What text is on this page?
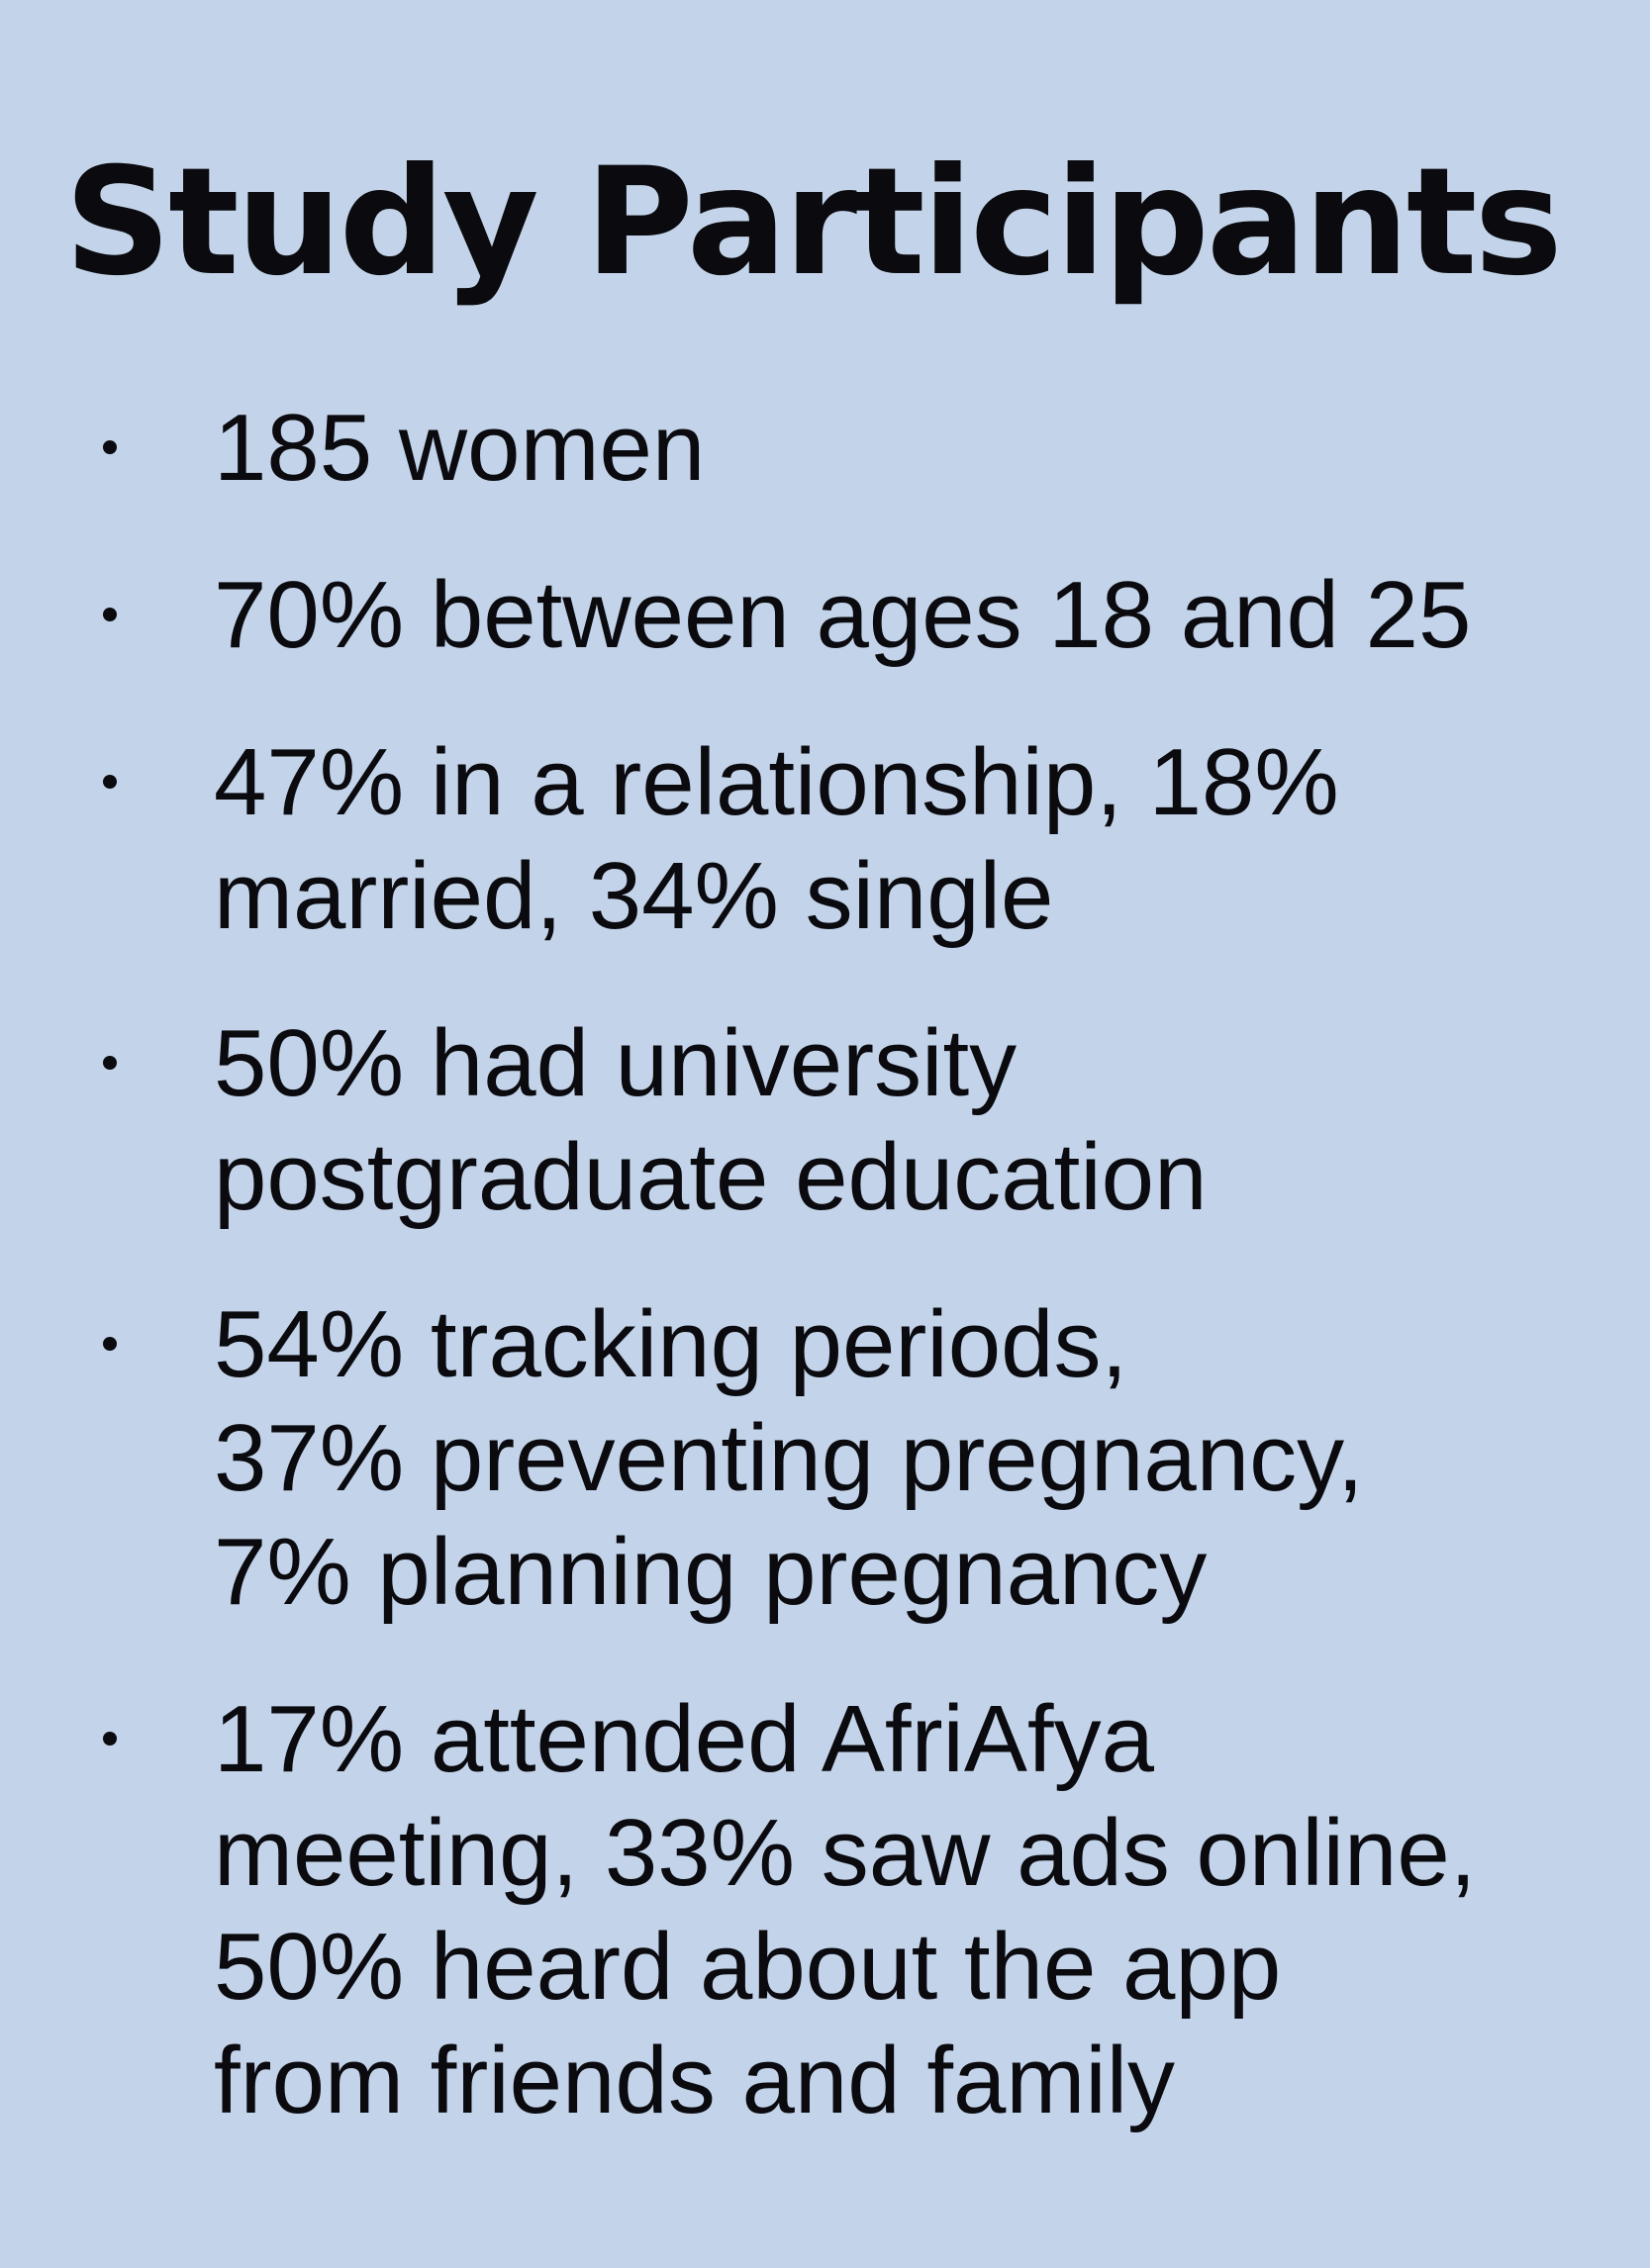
Study Participants
185 women
70% between ages 18 and 25
47% in a relationship, 18%
married, 34% single
50% had university
postgraduate education
54% tracking periods,
37% preventing pregnancy,
7% planning pregnancy
17% attended AfriAfya
meeting, 33% saw ads online,
50% heard about the app
from friends and family
